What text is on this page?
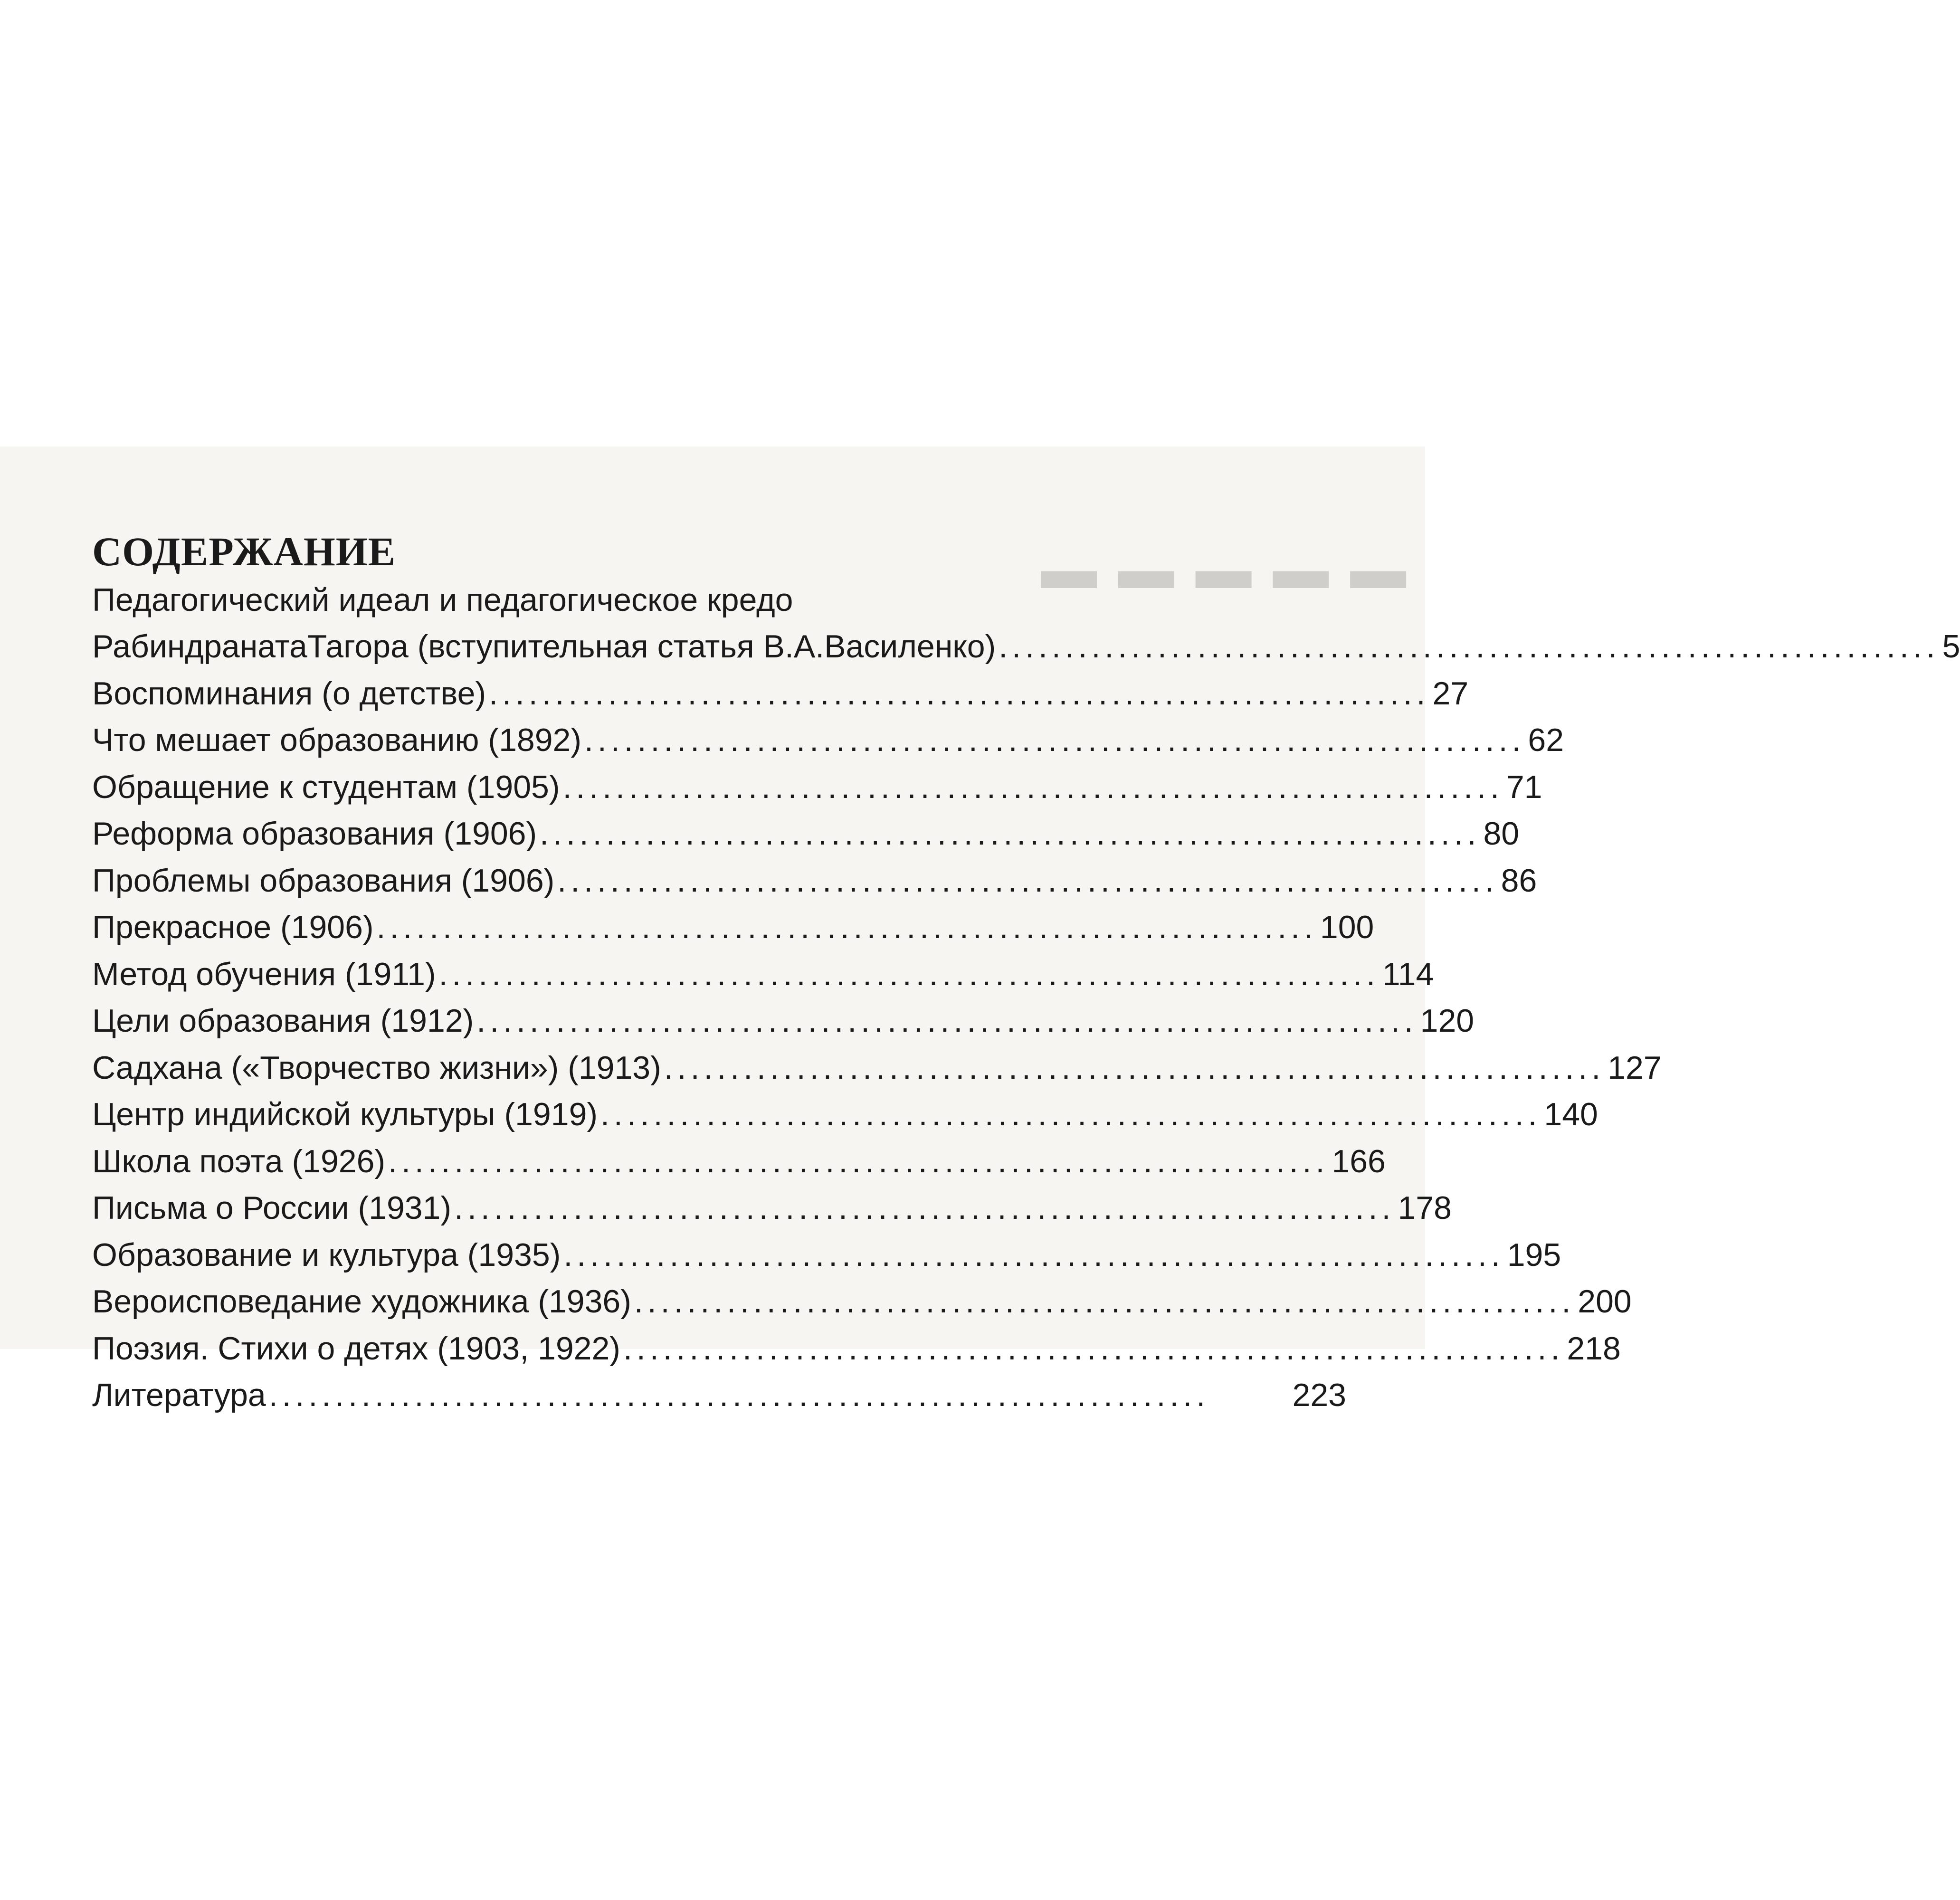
▬ ▬ ▬ ▬ ▬
СОДЕРЖАНИЕ
Педагогический идеал и педагогическое кредо
РабиндранатаТагора (вступительная статья В.А.Василенко) ....................................................................... 5
Воспоминания (о детстве) ....................................................................... 27
Что мешает образованию (1892) ....................................................................... 62
Обращение к студентам (1905) ....................................................................... 71
Реформа образования (1906) ....................................................................... 80
Проблемы образования (1906) ....................................................................... 86
Прекрасное (1906) ....................................................................... 100
Метод обучения (1911) ....................................................................... 114
Цели образования (1912) ....................................................................... 120
Садхана («Творчество жизни») (1913) ....................................................................... 127
Центр индийской культуры (1919) ....................................................................... 140
Школа поэта (1926) ....................................................................... 166
Письма о России (1931) ....................................................................... 178
Образование и культура (1935) ....................................................................... 195
Вероисповедание художника (1936) ....................................................................... 200
Поэзия. Стихи о детях (1903, 1922) ....................................................................... 218
Литература .......................................................................	223
